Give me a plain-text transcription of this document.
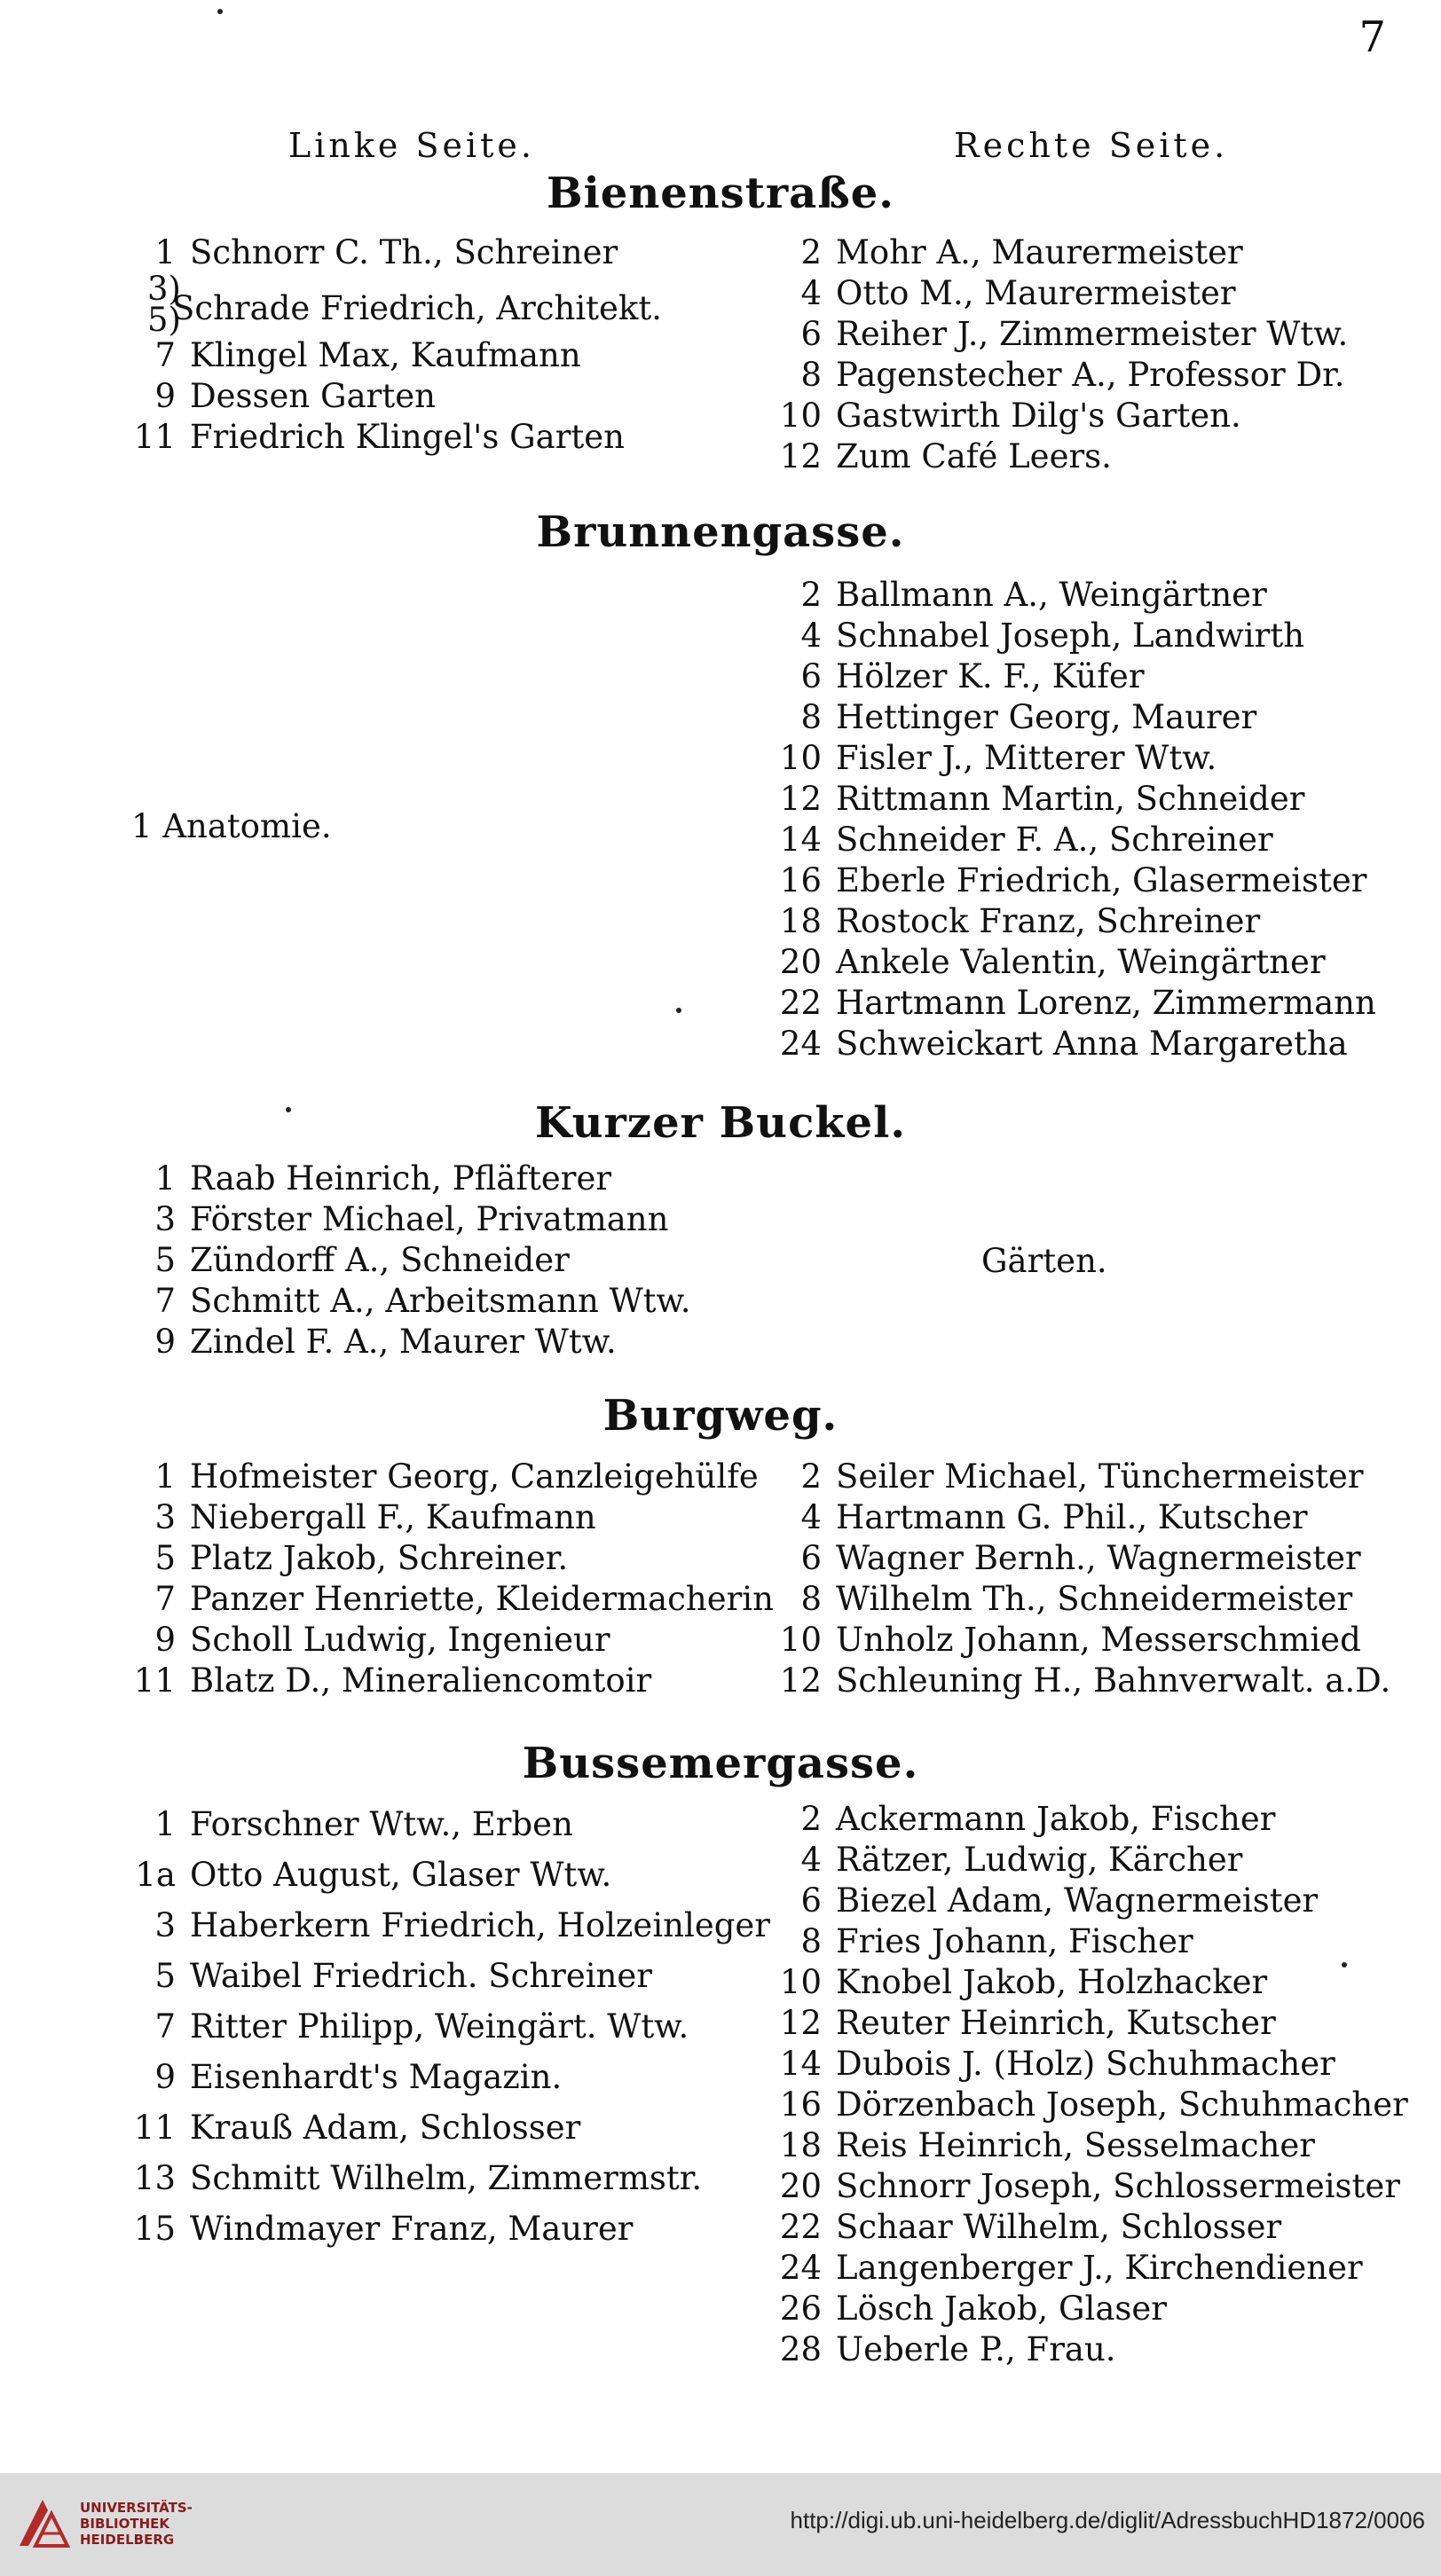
7
Linke Seite.	Rechte Seite.
Bienenstraße.
1 Schnorr C. Th., Schreiner
3)
5)
Schrade Friedrich, Architekt.
7 Klingel Max, Kaufmann
9 Dessen Garten
11 Friedrich Klingel's Garten
2 Mohr A., Maurermeister
4 Otto M., Maurermeister
6 Reiher J., Zimmermeister Wtw.
8 Pagenstecher A., Professor Dr.
10 Gastwirth Dilg's Garten.
12 Zum Café Leers.
Brunnengasse.
1 Anatomie.
2 Ballmann A., Weingärtner
4 Schnabel Joseph, Landwirth
6 Hölzer K. F., Küfer
8 Hettinger Georg, Maurer
10 Fisler J., Mitterer Wtw.
12 Rittmann Martin, Schneider
14 Schneider F. A., Schreiner
16 Eberle Friedrich, Glasermeister
18 Rostock Franz, Schreiner
20 Ankele Valentin, Weingärtner
22 Hartmann Lorenz, Zimmermann
24 Schweickart Anna Margaretha
Kurzer Buckel.
1 Raab Heinrich, Pfläfterer
3 Förster Michael, Privatmann
5 Zündorff A., Schneider
7 Schmitt A., Arbeitsmann Wtw.
9 Zindel F. A., Maurer Wtw.
Gärten.
Burgweg.
1 Hofmeister Georg, Canzleigehülfe
3 Niebergall F., Kaufmann
5 Platz Jakob, Schreiner.
7 Panzer Henriette, Kleidermacherin
9 Scholl Ludwig, Ingenieur
11 Blatz D., Mineraliencomtoir
2 Seiler Michael, Tünchermeister
4 Hartmann G. Phil., Kutscher
6 Wagner Bernh., Wagnermeister
8 Wilhelm Th., Schneidermeister
10 Unholz Johann, Messerschmied
12 Schleuning H., Bahnverwalt. a.D.
Bussemergasse.
1 Forschner Wtw., Erben
1a Otto August, Glaser Wtw.
3 Haberkern Friedrich, Holzeinleger
5 Waibel Friedrich. Schreiner
7 Ritter Philipp, Weingärt. Wtw.
9 Eisenhardt's Magazin.
11 Krauß Adam, Schlosser
13 Schmitt Wilhelm, Zimmermstr.
15 Windmayer Franz, Maurer
2 Ackermann Jakob, Fischer
4 Rätzer, Ludwig, Kärcher
6 Biezel Adam, Wagnermeister
8 Fries Johann, Fischer
10 Knobel Jakob, Holzhacker
12 Reuter Heinrich, Kutscher
14 Dubois J. (Holz) Schuhmacher
16 Dörzenbach Joseph, Schuhmacher
18 Reis Heinrich, Sesselmacher
20 Schnorr Joseph, Schlossermeister
22 Schaar Wilhelm, Schlosser
24 Langenberger J., Kirchendiener
26 Lösch Jakob, Glaser
28 Ueberle P., Frau.
UNIVERSITÄTS-
BIBLIOTHEK
HEIDELBERG
http://digi.ub.uni-heidelberg.de/diglit/AdressbuchHD1872/0006
